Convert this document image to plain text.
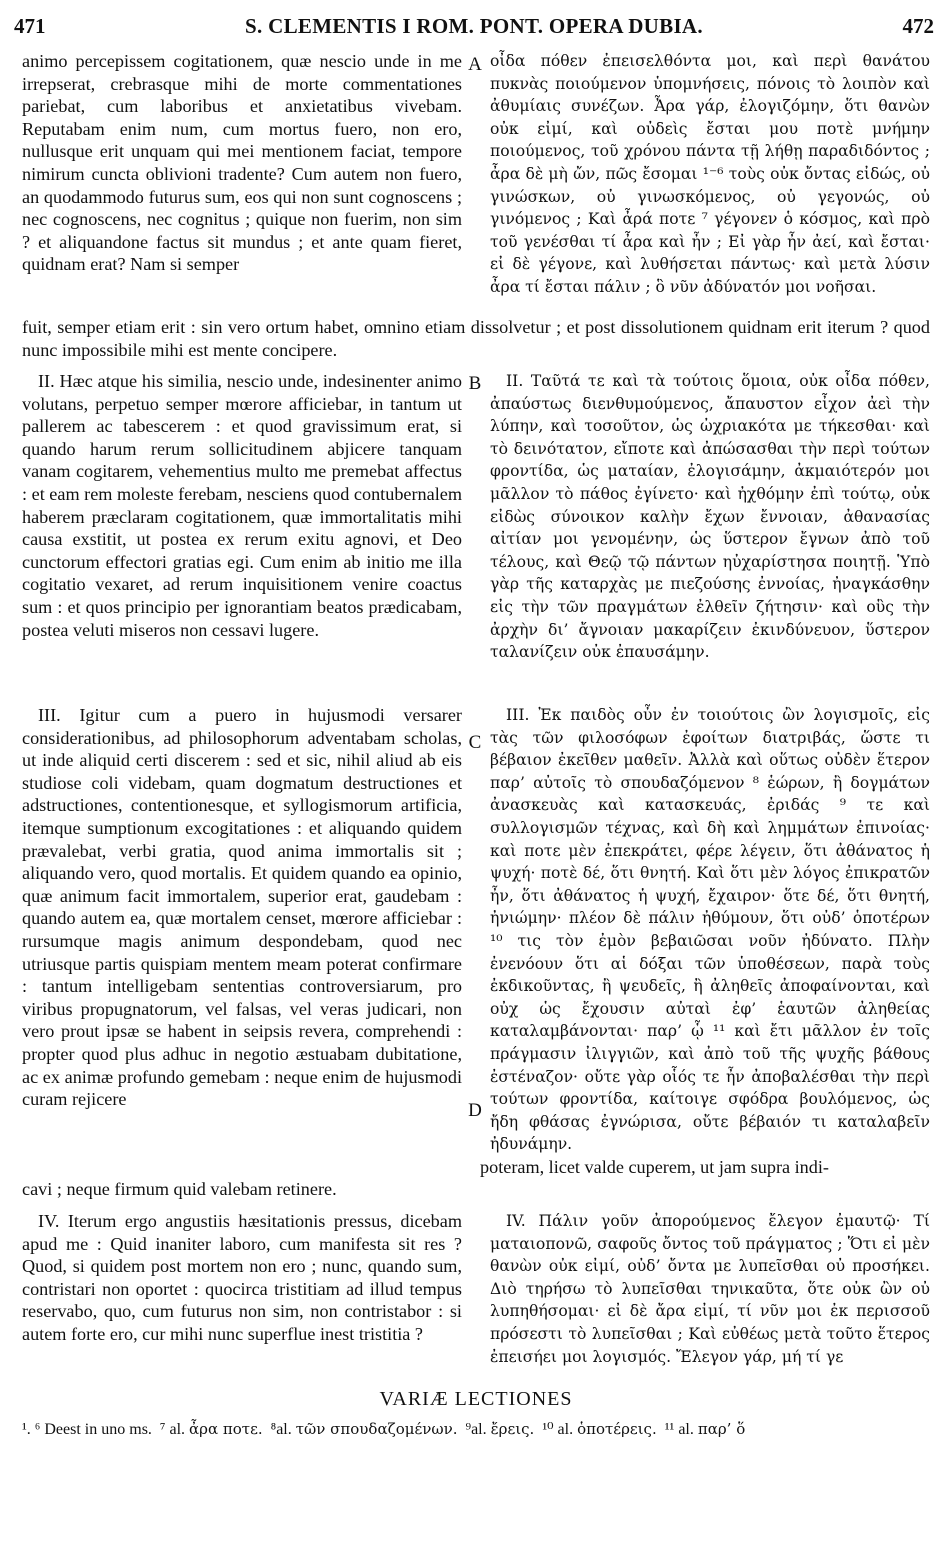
471	S. CLEMENTIS I ROM. PONT. OPERA DUBIA.	472

animo percepissem cogitationem, quæ nescio unde in me irrepserat, crebrasque mihi de morte commentationes pariebat, cum laboribus et anxietatibus vivebam. Reputabam enim num, cum mortus fuero, non ero, nullusque erit unquam qui mei mentionem faciat, tempore nimirum cuncta oblivioni tradente? Cum autem non fuero, an quodammodo futurus sum, eos qui non sunt cognoscens ; nec cognoscens, nec cognitus ; quique non fuerim, non sim ? et aliquandone factus sit mundus ; et ante quam fieret, quidnam erat? Nam si semper

A οἶδα πόθεν ἐπεισελθόντα μοι, καὶ περὶ θανάτου πυκνὰς ποιούμενον ὑπομνήσεις, πόνοις τὸ λοιπὸν καὶ ἀθυμίαις συνέζων. Ἆρα γάρ, ἐλογιζόμην, ὅτι θανὼν οὐκ εἰμί, καὶ οὐδεὶς ἔσται μου ποτὲ μνήμην ποιούμενος, τοῦ χρόνου πάντα τῇ λήθῃ παραδιδόντος ; ἆρα δὲ μὴ ὤν, πῶς ἔσομαι ¹⁻⁶ τοὺς οὐκ ὄντας εἰδώς, οὐ γινώσκων, οὐ γινωσκόμενος, οὐ γεγονώς, οὐ γινόμενος ; Καὶ ἆρά ποτε ⁷ γέγονεν ὁ κόσμος, καὶ πρὸ τοῦ γενέσθαι τί ἆρα καὶ ἦν ; Εἰ γὰρ ἦν ἀεί, καὶ ἔσται· εἰ δὲ γέγονε, καὶ λυθήσεται πάντως· καὶ μετὰ λύσιν ἆρα τί ἔσται πάλιν ; ὃ νῦν ἀδύνατόν μοι νοῆσαι.

fuit, semper etiam erit : sin vero ortum habet, omnino etiam dissolvetur ; et post dissolutionem quidnam erit iterum ? quod nunc impossibile mihi est mente concipere.

II. Hæc atque his similia, nescio unde, indesinenter animo volutans, perpetuo semper mœrore afficiebar, in tantum ut pallerem ac tabescerem : et quod gravissimum erat, si quando harum rerum sollicitudinem abjicere tanquam vanam cogitarem, vehementius multo me premebat affectus : et eam rem moleste ferebam, nesciens quod contubernalem haberem præclaram cogitationem, quæ immortalitatis mihi causa exstitit, ut postea ex rerum exitu agnovi, et Deo cunctorum effectori gratias egi. Cum enim ab initio me illa cogitatio vexaret, ad rerum inquisitionem venire coactus sum : et quos principio per ignorantiam beatos prædicabam, postea veluti miseros non cessavi lugere.

B	II. Ταῦτά τε καὶ τὰ τούτοις ὅμοια, οὐκ οἶδα πόθεν, ἀπαύστως διενθυμούμενος, ἄπαυστον εἶχον ἀεὶ τὴν λύπην, καὶ τοσοῦτον, ὡς ὠχριακότα με τήκεσθαι· καὶ τὸ δεινότατον, εἴποτε καὶ ἀπώσασθαι τὴν περὶ τούτων φροντίδα, ὡς ματαίαν, ἐλογισάμην, ἀκμαιότερόν μοι μᾶλλον τὸ πάθος ἐγίνετο· καὶ ἠχθόμην ἐπὶ τούτῳ, οὐκ εἰδὼς σύνοικον καλὴν ἔχων ἔννοιαν, ἀθανασίας αἰτίαν μοι γενομένην, ὡς ὕστερον ἔγνων ἀπὸ τοῦ τέλους, καὶ Θεῷ τῷ πάντων ηὐχαρίστησα ποιητῇ. Ὑπὸ γὰρ τῆς καταρχὰς με πιεζούσης ἐννοίας, ἠναγκάσθην εἰς τὴν τῶν πραγμάτων ἐλθεῖν ζήτησιν· καὶ οὓς τὴν ἀρχὴν δι’ ἄγνοιαν μακαρίζειν ἐκινδύνευον, ὕστερον ταλανίζειν οὐκ ἐπαυσάμην.

III. Igitur cum a puero in hujusmodi versarer considerationibus, ad philosophorum adventabam scholas, ut inde aliquid certi discerem : sed et sic, nihil aliud ab eis studiose coli videbam, quam dogmatum destructiones et adstructiones, contentionesque, et syllogismorum artificia, itemque sumptionum excogitationes : et aliquando quidem prævalebat, verbi gratia, quod anima immortalis sit ; aliquando vero, quod mortalis. Et quidem quando ea opinio, quæ animum facit immortalem, superior erat, gaudebam : quando autem ea, quæ mortalem censet, mœrore afficiebar : rursumque magis animum despondebam, quod nec utriusque partis quispiam mentem meam poterat confirmare : tantum intelligebam sententias controversiarum, pro viribus propugnatorum, vel falsas, vel veras judicari, non vero prout ipsæ se habent in seipsis revera, comprehendi : propter quod plus adhuc in negotio æstuabam dubitatione, ac ex animæ profundo gemebam : neque enim de hujusmodi curam rejicere

C
D

III. Ἐκ παιδὸς οὖν ἐν τοιούτοις ὢν λογισμοῖς, εἰς τὰς τῶν φιλοσόφων ἐφοίτων διατριβάς, ὥστε τι βέβαιον ἐκεῖθεν μαθεῖν. Ἀλλὰ καὶ οὕτως οὐδὲν ἕτερον παρ’ αὐτοῖς τὸ σπουδαζόμενον ⁸ ἑώρων, ἢ δογμάτων ἀνασκευὰς καὶ κατασκευάς, ἐριδάς ⁹ τε καὶ συλλογισμῶν τέχνας, καὶ δὴ καὶ λημμάτων ἐπινοίας· καὶ ποτε μὲν ἐπεκράτει, φέρε λέγειν, ὅτι ἀθάνατος ἡ ψυχή· ποτὲ δέ, ὅτι θνητή. Καὶ ὅτι μὲν λόγος ἐπικρατῶν ἦν, ὅτι ἀθάνατος ἡ ψυχή, ἔχαιρον· ὅτε δέ, ὅτι θνητή, ἠνιώμην· πλέον δὲ πάλιν ἠθύμουν, ὅτι οὐδ’ ὁποτέρων ¹⁰ τις τὸν ἐμὸν βεβαιῶσαι νοῦν ἠδύνατο. Πλὴν ἐνενόουν ὅτι αἱ δόξαι τῶν ὑποθέσεων, παρὰ τοὺς ἐκδικοῦντας, ἢ ψευδεῖς, ἢ ἀληθεῖς ἀποφαίνονται, καὶ οὐχ ὡς ἔχουσιν αὐταὶ ἐφ’ ἑαυτῶν ἀληθείας καταλαμβάνονται· παρ’ ᾧ ¹¹ καὶ ἔτι μᾶλλον ἐν τοῖς πράγμασιν ἰλιγγιῶν, καὶ ἀπὸ τοῦ τῆς ψυχῆς βάθους ἐστέναζον· οὔτε γὰρ οἷός τε ἦν ἀποβαλέσθαι τὴν περὶ τούτων φροντίδα, καίτοιγε σφόδρα βουλόμενος, ὡς ἤδη φθάσας ἐγνώρισα, οὔτε βέβαιόν τι καταλαβεῖν ἠδυνάμην.

cavi ; neque firmum quid valebam retinere.

poteram, licet valde cuperem, ut jam supra indi-

IV. Iterum ergo angustiis hæsitationis pressus, dicebam apud me : Quid inaniter laboro, cum manifesta sit res ? Quod, si quidem post mortem non ero ; nunc, quando sum, contristari non oportet : quocirca tristitiam ad illud tempus reservabo, quo, cum futurus non sim, non contristabor : si autem forte ero, cur mihi nunc superflue inest tristitia ?

IV. Πάλιν γοῦν ἀπορούμενος ἔλεγον ἐμαυτῷ· Τί ματαιοπονῶ, σαφοῦς ὄντος τοῦ πράγματος ; Ὅτι εἰ μὲν θανὼν οὐκ εἰμί, οὐδ’ ὄντα με λυπεῖσθαι οὐ προσήκει. Διὸ τηρήσω τὸ λυπεῖσθαι τηνικαῦτα, ὅτε οὐκ ὢν οὐ λυπηθήσομαι· εἰ δὲ ἄρα εἰμί, τί νῦν μοι ἐκ περισσοῦ πρόσεστι τὸ λυπεῖσθαι ; Καὶ εὐθέως μετὰ τοῦτο ἕτερος ἐπεισήει μοι λογισμός. Ἔλεγον γάρ, μή τί γε

VARIÆ LECTIONES
¹. ⁶ Deest in uno ms. ⁷ al. ἆρα ποτε. ⁸al. τῶν σπουδαζομένων. ⁹al. ἔρεις. ¹⁰ al. ὁποτέρεις. ¹¹ al. παρ’ ὅ
